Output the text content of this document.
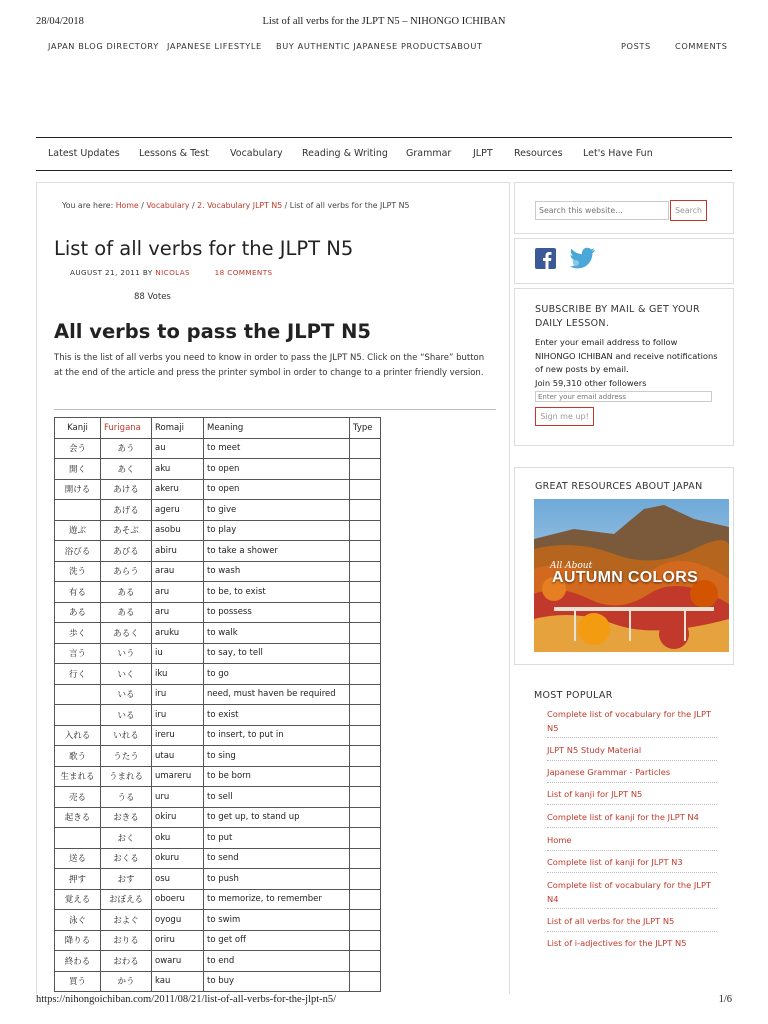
28/04/2018	List of all verbs for the JLPT N5 – NIHONGO ICHIBAN
JAPAN BLOG DIRECTORY JAPANESE LIFESTYLE BUY AUTHENTIC JAPANESE PRODUCTS ABOUT	POSTS	COMMENTS
Latest Updates Lessons & Test Vocabulary Reading & Writing Grammar JLPT Resources Let's Have Fun
You are here: Home / Vocabulary / 2. Vocabulary JLPT N5 / List of all verbs for the JLPT N5
List of all verbs for the JLPT N5
AUGUST 21, 2011 BY NICOLAS	18 COMMENTS
88 Votes
All verbs to pass the JLPT N5

This is the list of all verbs you need to know in order to pass the JLPT N5. Click on the “Share” button at the end of the article and press the printer symbol in order to change to a printer friendly version.

Kanji	Furigana	Romaji	Meaning	Type
会う	あう	au	to meet	
開く	あく	aku	to open	
開ける	あける	akeru	to open	
	あげる	ageru	to give	
遊ぶ	あそぶ	asobu	to play	
浴びる	あびる	abiru	to take a shower	
洗う	あらう	arau	to wash	
有る	ある	aru	to be, to exist	
ある	ある	aru	to possess	
歩く	あるく	aruku	to walk	
言う	いう	iu	to say, to tell	
行く	いく	iku	to go	
	いる	iru	need, must haven be required	
	いる	iru	to exist	
入れる	いれる	ireru	to insert, to put in	
歌う	うたう	utau	to sing	
生まれる	うまれる	umareru	to be born	
売る	うる	uru	to sell	
起きる	おきる	okiru	to get up, to stand up	
	おく	oku	to put	
送る	おくる	okuru	to send	
押す	おす	osu	to push	
覚える	おぼえる	oboeru	to memorize, to remember	
泳ぐ	およぐ	oyogu	to swim	
降りる	おりる	oriru	to get off	
終わる	おわる	owaru	to end	
買う	かう	kau	to buy	
Search this website…
Search
SUBSCRIBE BY MAIL & GET YOUR DAILY LESSON.
Enter your email address to follow NIHONGO ICHIBAN and receive notifications of new posts by email.
Join 59,310 other followers
Enter your email address
Sign me up!
GREAT RESOURCES ABOUT JAPAN
All About
AUTUMN COLORS
MOST POPULAR
Complete list of vocabulary for the JLPT N5
JLPT N5 Study Material
Japanese Grammar - Particles
List of kanji for JLPT N5
Complete list of kanji for the JLPT N4
Home
Complete list of kanji for JLPT N3
Complete list of vocabulary for the JLPT N4
List of all verbs for the JLPT N5
List of i-adjectives for the JLPT N5
https://nihongoichiban.com/2011/08/21/list-of-all-verbs-for-the-jlpt-n5/	1/6
